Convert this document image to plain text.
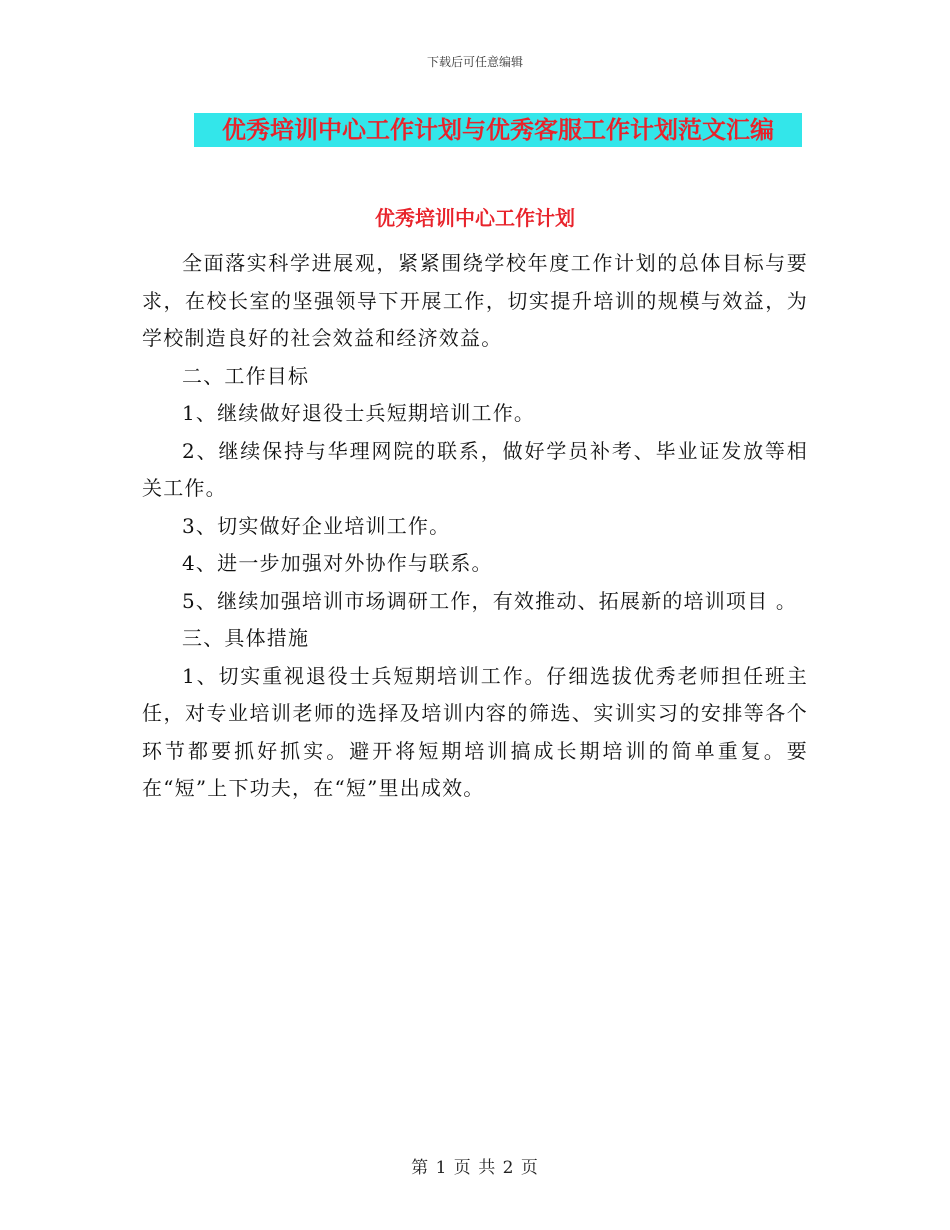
下载后可任意编辑
优秀培训中心工作计划与优秀客服工作计划范文汇编
优秀培训中心工作计划

全面落实科学进展观，紧紧围绕学校年度工作计划的总体目标与要求，在校长室的坚强领导下开展工作，切实提升培训的规模与效益，为学校制造良好的社会效益和经济效益。

二、工作目标

1、继续做好退役士兵短期培训工作。

2、继续保持与华理网院的联系，做好学员补考、毕业证发放等相关工作。

3、切实做好企业培训工作。

4、进一步加强对外协作与联系。

5、继续加强培训市场调研工作，有效推动、拓展新的培训项目 。

三、具体措施

1、切实重视退役士兵短期培训工作。仔细选拔优秀老师担任班主任，对专业培训老师的选择及培训内容的筛选、实训实习的安排等各个环节都要抓好抓实。避开将短期培训搞成长期培训的简单重复。要在“短”上下功夫，在“短”里出成效。

第 1 页 共 2 页
